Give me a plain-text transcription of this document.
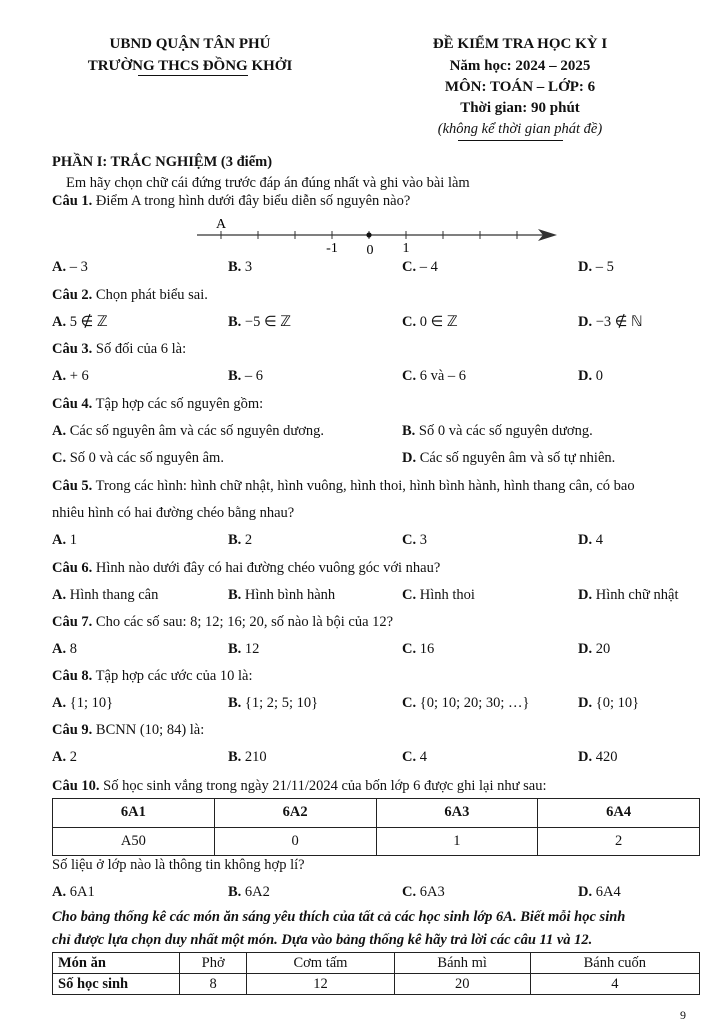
UBND QUẬN TÂN PHÚ
TRƯỜNG THCS ĐỒNG KHỞI
ĐỀ KIỂM TRA HỌC KỲ I
Năm học: 2024 – 2025
MÔN: TOÁN – LỚP: 6
Thời gian: 90 phút
(không kể thời gian phát đề)
PHẦN I: TRẮC NGHIỆM (3 điểm)
Em hãy chọn chữ cái đứng trước đáp án đúng nhất và ghi vào bài làm
Câu 1. Điểm A trong hình dưới đây biểu diễn số nguyên nào?
A
-1 0 1
A. – 3	B. 3	C. – 4	D. – 5
Câu 2. Chọn phát biểu sai.
A. 5 ∉ ℤ	B. −5 ∈ ℤ	C. 0 ∈ ℤ	D. −3 ∉ ℕ
Câu 3. Số đối của 6 là:
A. + 6	B. – 6	C. 6 và – 6	D. 0
Câu 4. Tập hợp các số nguyên gồm:
A. Các số nguyên âm và các số nguyên dương.	B. Số 0 và các số nguyên dương.
C. Số 0 và các số nguyên âm.	D. Các số nguyên âm và số tự nhiên.
Câu 5. Trong các hình: hình chữ nhật, hình vuông, hình thoi, hình bình hành, hình thang cân, có bao
nhiêu hình có hai đường chéo bằng nhau?
A. 1	B. 2	C. 3	D. 4
Câu 6. Hình nào dưới đây có hai đường chéo vuông góc với nhau?
A. Hình thang cân	B. Hình bình hành	C. Hình thoi	D. Hình chữ nhật
Câu 7. Cho các số sau: 8; 12; 16; 20, số nào là bội của 12?
A. 8	B. 12	C. 16	D. 20
Câu 8. Tập hợp các ước của 10 là:
A. {1; 10}	B. {1; 2; 5; 10}	C. {0; 10; 20; 30; …}	D. {0; 10}
Câu 9. BCNN (10; 84) là:
A. 2	B. 210	C. 4	D. 420
Câu 10. Số học sinh vắng trong ngày 21/11/2024 của bốn lớp 6 được ghi lại như sau:
Số liệu ở lớp nào là thông tin không hợp lí?
A. 6A1	B. 6A2	C. 6A3	D. 6A4
6A1	6A2	6A3	6A4
A50	0	1	2
Cho bảng thống kê các món ăn sáng yêu thích của tất cả các học sinh lớp 6A. Biết mỗi học sinh
chỉ được lựa chọn duy nhất một món. Dựa vào bảng thống kê hãy trả lời các câu 11 và 12.
Món ăn	Phở	Cơm tấm	Bánh mì	Bánh cuốn
Số học sinh	8	12	20	4
9
